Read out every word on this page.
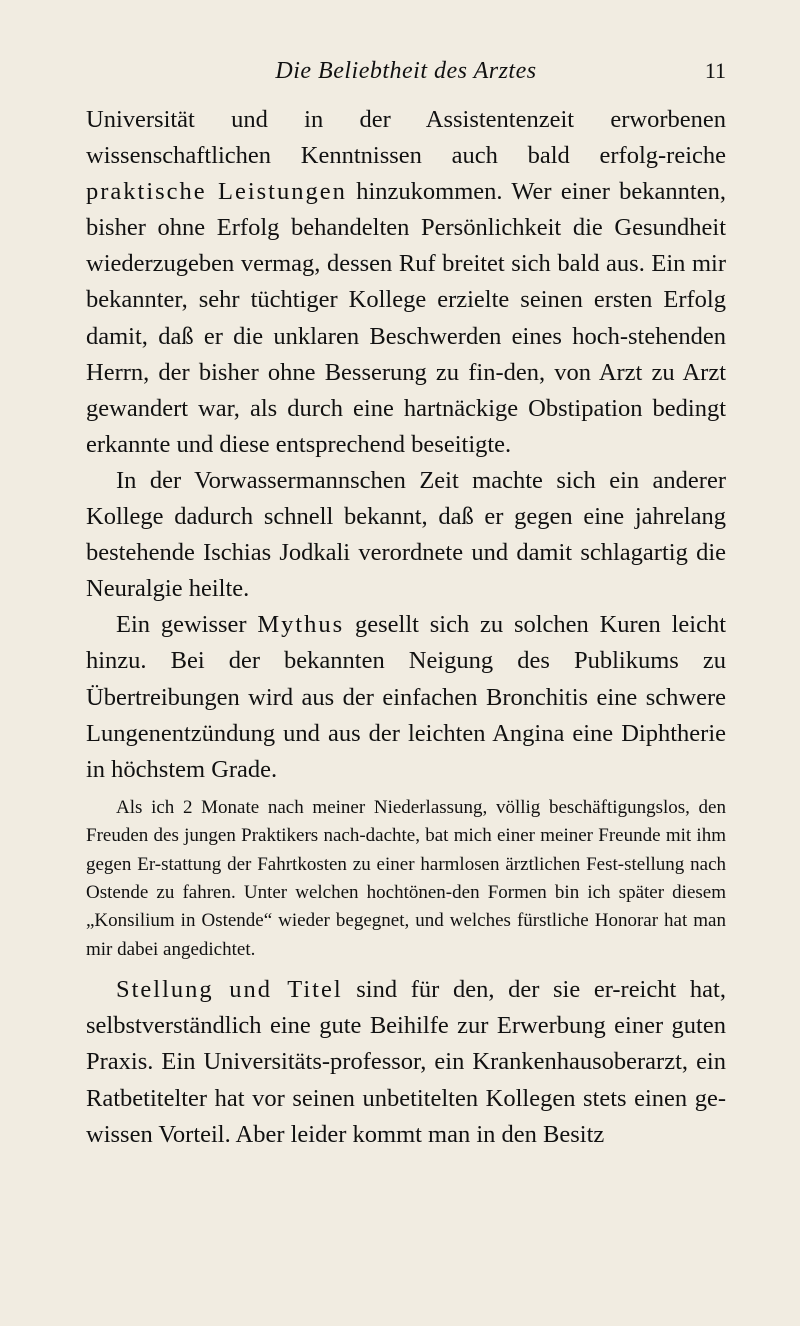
Die Beliebtheit des Arztes	11

Universität und in der Assistentenzeit erworbenen wissenschaftlichen Kenntnissen auch bald erfolg-reiche praktische Leistungen hinzukommen. Wer einer bekannten, bisher ohne Erfolg behandelten Persönlichkeit die Gesundheit wiederzugeben vermag, dessen Ruf breitet sich bald aus. Ein mir bekannter, sehr tüchtiger Kollege erzielte seinen ersten Erfolg damit, daß er die unklaren Beschwerden eines hoch-stehenden Herrn, der bisher ohne Besserung zu fin-den, von Arzt zu Arzt gewandert war, als durch eine hartnäckige Obstipation bedingt erkannte und diese entsprechend beseitigte.

In der Vorwassermannschen Zeit machte sich ein anderer Kollege dadurch schnell bekannt, daß er gegen eine jahrelang bestehende Ischias Jodkali verordnete und damit schlagartig die Neuralgie heilte.

Ein gewisser Mythus gesellt sich zu solchen Kuren leicht hinzu. Bei der bekannten Neigung des Publikums zu Übertreibungen wird aus der einfachen Bronchitis eine schwere Lungenentzündung und aus der leichten Angina eine Diphtherie in höchstem Grade.

Als ich 2 Monate nach meiner Niederlassung, völlig beschäftigungslos, den Freuden des jungen Praktikers nach-dachte, bat mich einer meiner Freunde mit ihm gegen Er-stattung der Fahrtkosten zu einer harmlosen ärztlichen Fest-stellung nach Ostende zu fahren. Unter welchen hochtönen-den Formen bin ich später diesem „Konsilium in Ostende“ wieder begegnet, und welches fürstliche Honorar hat man mir dabei angedichtet.

Stellung und Titel sind für den, der sie er-reicht hat, selbstverständlich eine gute Beihilfe zur Erwerbung einer guten Praxis. Ein Universitäts-professor, ein Krankenhausoberarzt, ein Ratbetitelter hat vor seinen unbetitelten Kollegen stets einen ge-wissen Vorteil. Aber leider kommt man in den Besitz
